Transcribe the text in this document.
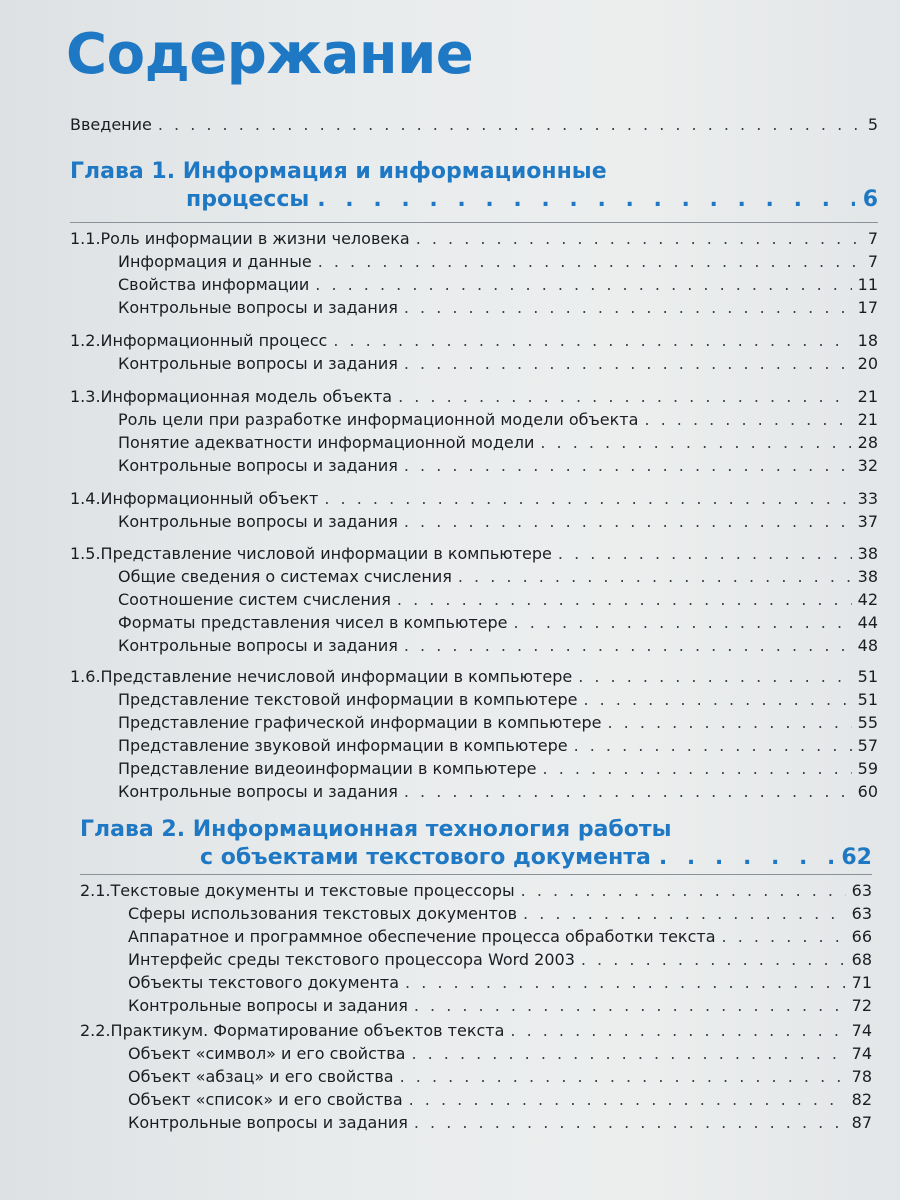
Содержание
Введение . . .	5
Глава 1. Информация и информационные
процессы . . .	6
1.1. Роль информации в жизни человека . . .	7
Информация и данные . . .	7
Свойства информации . . .	11
Контрольные вопросы и задания . . .	17
1.2. Информационный процесс . . .	18
Контрольные вопросы и задания . . .	20
1.3. Информационная модель объекта . . .	21
Роль цели при разработке информационной модели объекта . . .	21
Понятие адекватности информационной модели . . .	28
Контрольные вопросы и задания . . .	32
1.4. Информационный объект . . .	33
Контрольные вопросы и задания . . .	37
1.5. Представление числовой информации в компьютере . . .	38
Общие сведения о системах счисления . . .	38
Соотношение систем счисления . . .	42
Форматы представления чисел в компьютере . . .	44
Контрольные вопросы и задания . . .	48
1.6. Представление нечисловой информации в компьютере . . .	51
Представление текстовой информации в компьютере . . .	51
Представление графической информации в компьютере . . .	55
Представление звуковой информации в компьютере . . .	57
Представление видеоинформации в компьютере . . .	59
Контрольные вопросы и задания . . .	60
Глава 2. Информационная технология работы
с объектами текстового документа . . .	62
2.1. Текстовые документы и текстовые процессоры . . .	63
Сферы использования текстовых документов . . .	63
Аппаратное и программное обеспечение процесса обработки текста . . .	66
Интерфейс среды текстового процессора Word 2003 . . .	68
Объекты текстового документа . . .	71
Контрольные вопросы и задания . . .	72
2.2. Практикум. Форматирование объектов текста . . .	74
Объект «символ» и его свойства . . .	74
Объект «абзац» и его свойства . . .	78
Объект «список» и его свойства . . .	82
Контрольные вопросы и задания . . .	87
